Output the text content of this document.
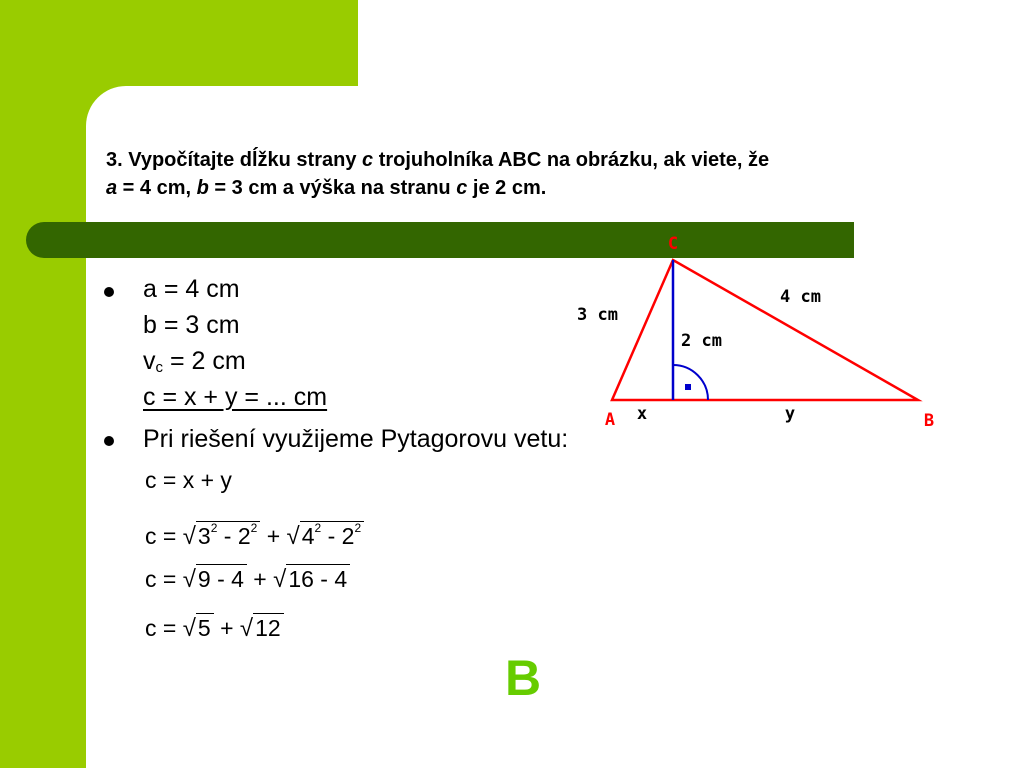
3. Vypočítajte dĺžku strany c trojuholníka ABC na obrázku, ak viete, že
a = 4 cm, b = 3 cm a výška na stranu c je 2 cm.
C
A	B
3 cm
4 cm
2 cm
x	y
a = 4 cm
b = 3 cm
$v_c = 2$ cm
c = x + y = ... cm
Pri riešení využijeme Pytagorovu vetu:
c = x + y
$c = √3^2 - 2^2 + √4^2 - 2^2$
c = √9 - 4 + √16 - 4
c = √5 + √12
B
